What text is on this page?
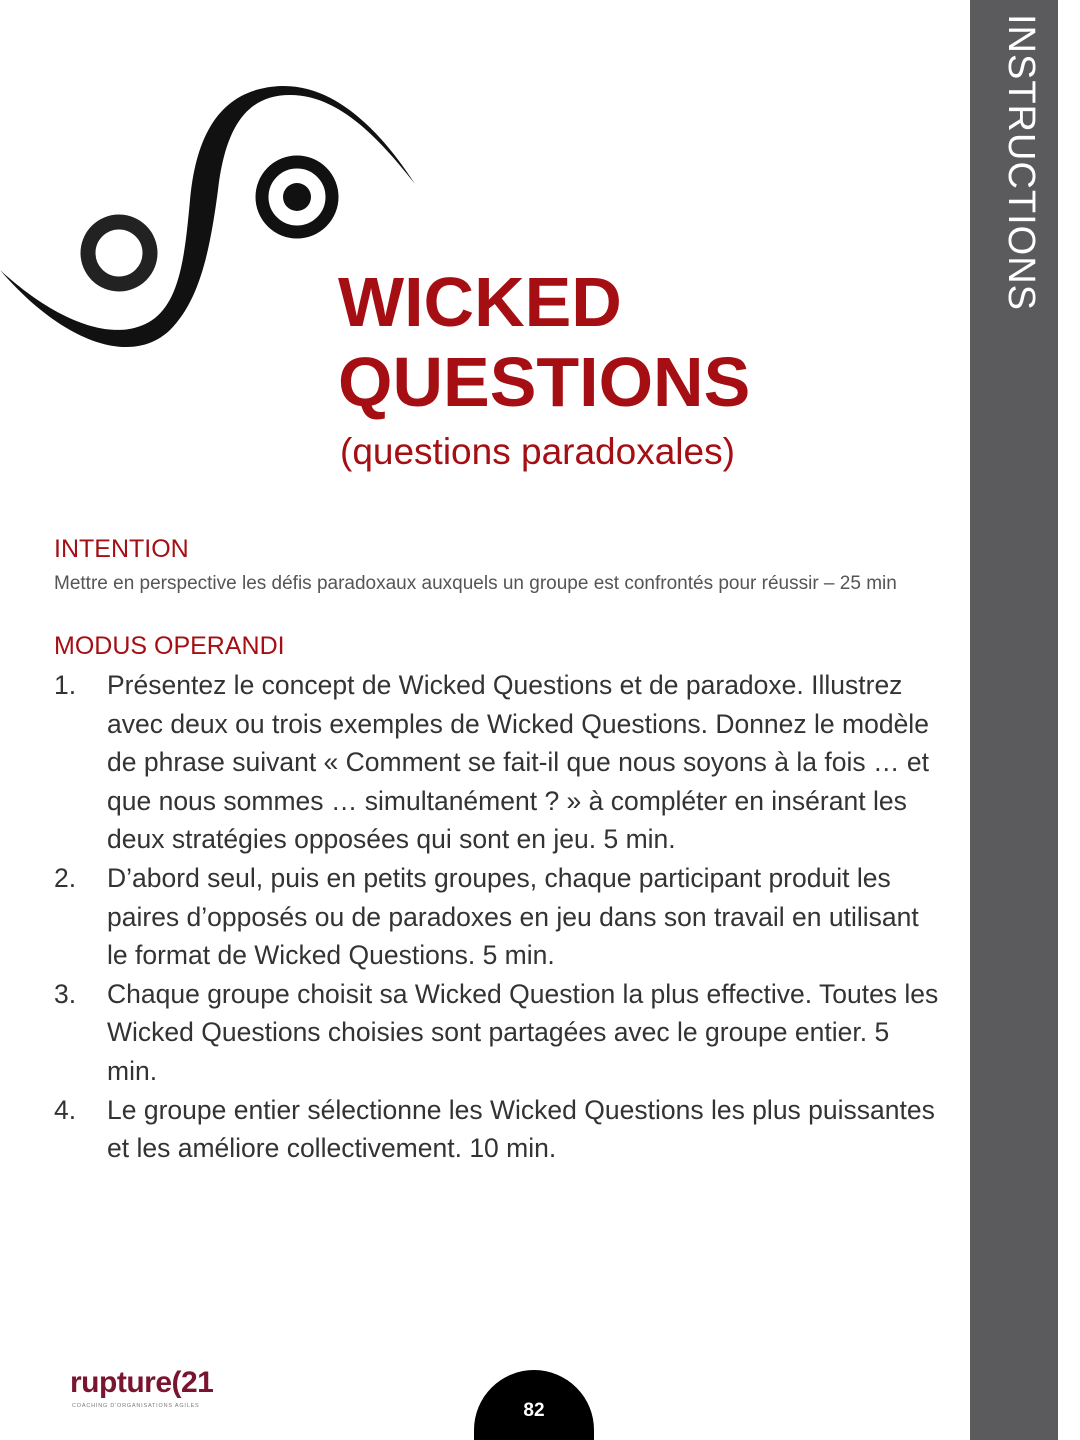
INSTRUCTIONS
WICKED
QUESTIONS
(questions paradoxales)
INTENTION

Mettre en perspective les défis paradoxaux auxquels un groupe est confrontés pour réussir – 25 min

MODUS OPERANDI
1. Présentez le concept de Wicked Questions et de paradoxe. Illustrez avec deux ou trois exemples de Wicked Questions. Donnez le modèle de phrase suivant « Comment se fait-il que nous soyons à la fois … et que nous sommes … simultanément ? » à compléter en insérant les deux stratégies opposées qui sont en jeu. 5 min.
2. D’abord seul, puis en petits groupes, chaque participant produit les paires d’opposés ou de paradoxes en jeu dans son travail en utilisant le format de Wicked Questions. 5 min.
3. Chaque groupe choisit sa Wicked Question la plus effective. Toutes les Wicked Questions choisies sont partagées avec le groupe entier. 5 min.
4. Le groupe entier sélectionne les Wicked Questions les plus puissantes et les améliore collectivement. 10 min.
rupture(21
COACHING D'ORGANISATIONS AGILES	82
